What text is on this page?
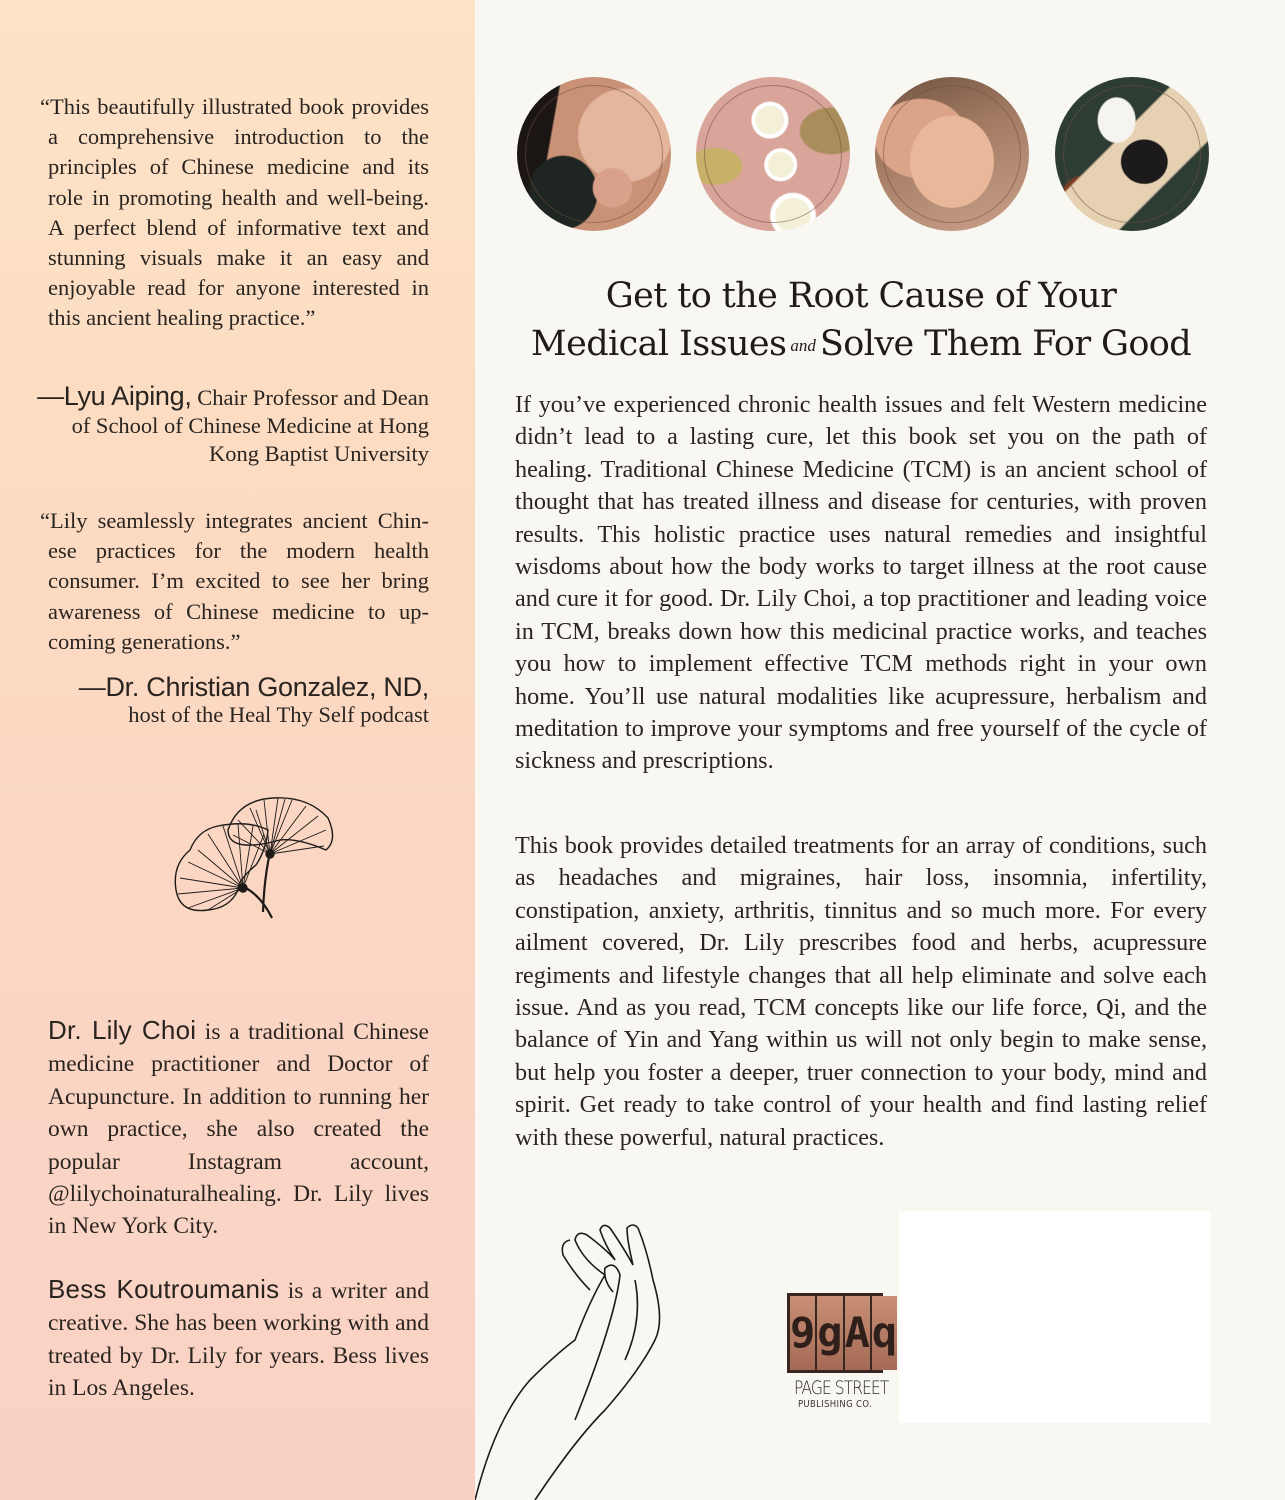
“This beautifully illustrated book provides a comprehensive introduction to the principles of Chinese medicine and its role in promoting health and well-being. A perfect blend of informative text and stunning visuals make it an easy and enjoyable read for anyone interested in this ancient healing practice.”

—Lyu Aiping, Chair Professor and Dean of School of Chinese Medicine at Hong Kong Baptist University

“Lily seamlessly integrates ancient Chinese practices for the modern health consumer. I’m excited to see her bring awareness of Chinese medicine to upcoming generations.”

—Dr. Christian Gonzalez, ND,
host of the Heal Thy Self podcast

Dr. Lily Choi is a traditional Chinese medicine practitioner and Doctor of Acupuncture. In addition to running her own practice, she also created the popular Instagram account, @lilychoinaturalhealing. Dr. Lily lives in New York City.

Bess Koutroumanis is a writer and creative. She has been working with and treated by Dr. Lily for years. Bess lives in Los Angeles.

Get to the Root Cause of Your
Medical Issues and Solve Them For Good

If you’ve experienced chronic health issues and felt Western medicine didn’t lead to a lasting cure, let this book set you on the path of healing. Traditional Chinese Medicine (TCM) is an ancient school of thought that has treated illness and disease for centuries, with proven results. This holistic practice uses natural remedies and insightful wisdoms about how the body works to target illness at the root cause and cure it for good. Dr. Lily Choi, a top practitioner and leading voice in TCM, breaks down how this medicinal practice works, and teaches you how to implement effective TCM methods right in your own home. You’ll use natural modalities like acupressure, herbalism and meditation to improve your symptoms and free yourself of the cycle of sickness and prescriptions.

This book provides detailed treatments for an array of conditions, such as headaches and migraines, hair loss, insomnia, infertility, constipation, anxiety, arthritis, tinnitus and so much more. For every ailment covered, Dr. Lily prescribes food and herbs, acupressure regiments and lifestyle changes that all help eliminate and solve each issue. And as you read, TCM concepts like our life force, Qi, and the balance of Yin and Yang within us will not only begin to make sense, but help you foster a deeper, truer connection to your body, mind and spirit. Get ready to take control of your health and find lasting relief with these powerful, natural practices.

9 g A q
PAGE STREET
PUBLISHING CO.
